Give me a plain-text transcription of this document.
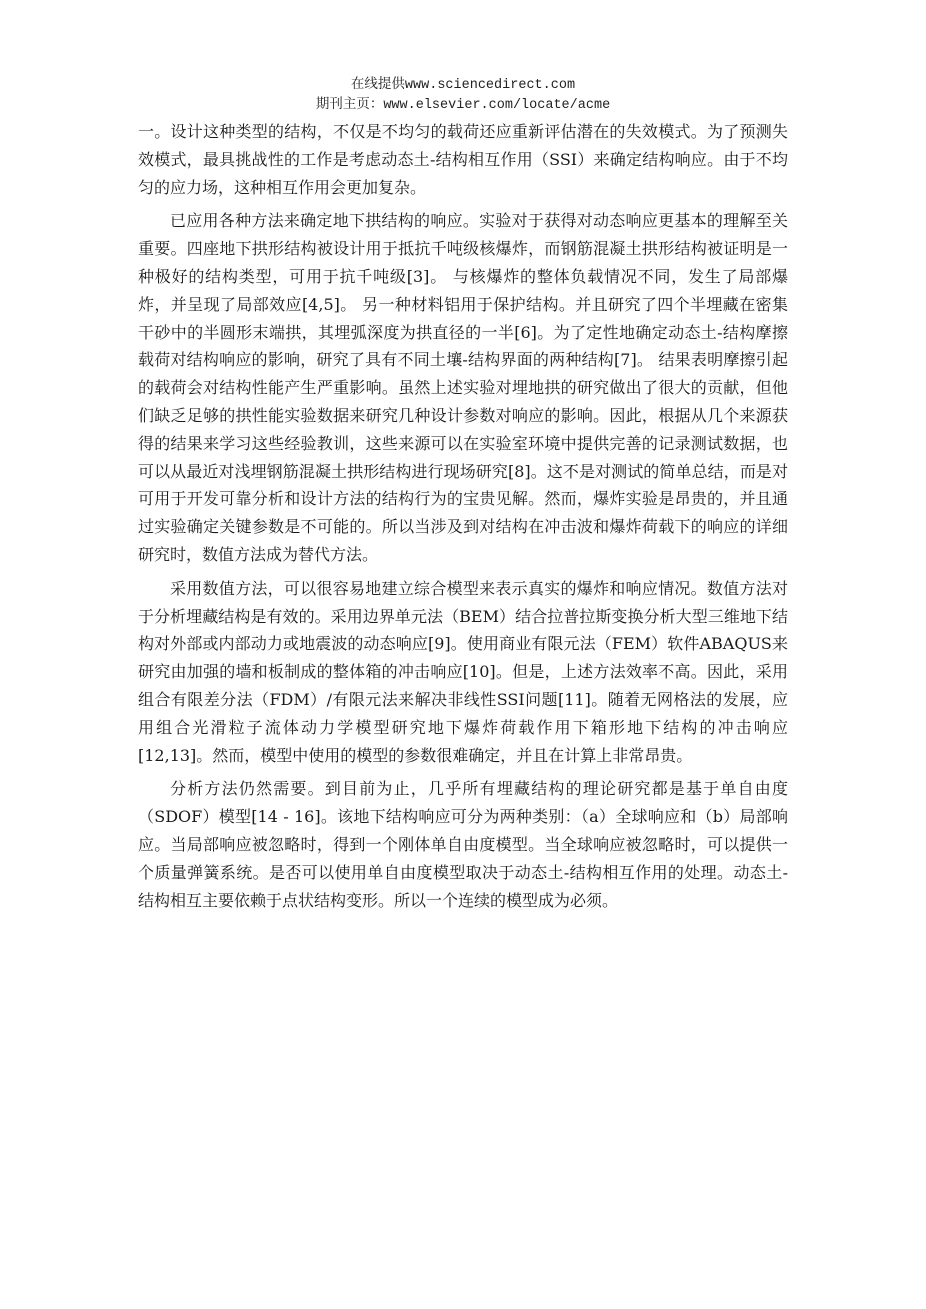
在线提供www.sciencedirect.com
期刊主页：www.elsevier.com/locate/acme

一。设计这种类型的结构，不仅是不均匀的载荷还应重新评估潜在的失效模式。为了预测失效模式，最具挑战性的工作是考虑动态土-结构相互作用（SSI）来确定结构响应。由于不均匀的应力场，这种相互作用会更加复杂。

已应用各种方法来确定地下拱结构的响应。实验对于获得对动态响应更基本的理解至关重要。四座地下拱形结构被设计用于抵抗千吨级核爆炸，而钢筋混凝土拱形结构被证明是一种极好的结构类型，可用于抗千吨级[3]。 与核爆炸的整体负载情况不同，发生了局部爆炸，并呈现了局部效应[4,5]。 另一种材料铝用于保护结构。并且研究了四个半埋藏在密集干砂中的半圆形末端拱，其埋弧深度为拱直径的一半[6]。为了定性地确定动态土-结构摩擦载荷对结构响应的影响，研究了具有不同土壤-结构界面的两种结构[7]。 结果表明摩擦引起的载荷会对结构性能产生严重影响。虽然上述实验对埋地拱的研究做出了很大的贡献，但他们缺乏足够的拱性能实验数据来研究几种设计参数对响应的影响。因此，根据从几个来源获得的结果来学习这些经验教训，这些来源可以在实验室环境中提供完善的记录测试数据，也可以从最近对浅埋钢筋混凝土拱形结构进行现场研究[8]。这不是对测试的简单总结，而是对可用于开发可靠分析和设计方法的结构行为的宝贵见解。然而，爆炸实验是昂贵的，并且通过实验确定关键参数是不可能的。所以当涉及到对结构在冲击波和爆炸荷载下的响应的详细研究时，数值方法成为替代方法。

采用数值方法，可以很容易地建立综合模型来表示真实的爆炸和响应情况。数值方法对于分析埋藏结构是有效的。采用边界单元法（BEM）结合拉普拉斯变换分析大型三维地下结构对外部或内部动力或地震波的动态响应[9]。使用商业有限元法（FEM）软件ABAQUS来研究由加强的墙和板制成的整体箱的冲击响应[10]。但是，上述方法效率不高。因此，采用组合有限差分法（FDM）/有限元法来解决非线性SSI问题[11]。随着无网格法的发展，应用组合光滑粒子流体动力学模型研究地下爆炸荷载作用下箱形地下结构的冲击响应[12,13]。然而，模型中使用的模型的参数很难确定，并且在计算上非常昂贵。

分析方法仍然需要。到目前为止，几乎所有埋藏结构的理论研究都是基于单自由度（SDOF）模型[14 - 16]。该地下结构响应可分为两种类别：（a）全球响应和（b）局部响应。当局部响应被忽略时，得到一个刚体单自由度模型。当全球响应被忽略时，可以提供一个质量弹簧系统。是否可以使用单自由度模型取决于动态土-结构相互作用的处理。动态土-结构相互主要依赖于点状结构变形。所以一个连续的模型成为必须。
